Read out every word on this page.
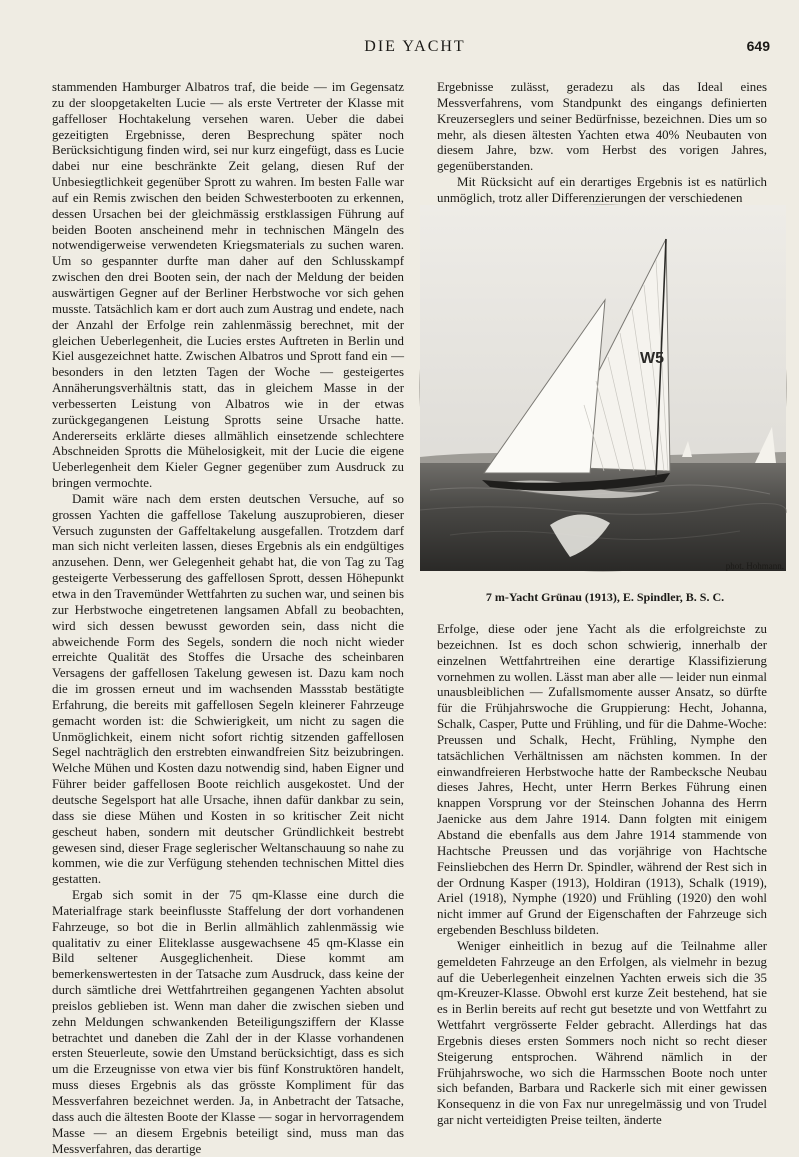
DIE YACHT	649

stammenden Hamburger Albatros traf, die beide — im Gegensatz zu der sloopgetakelten Lucie — als erste Vertreter der Klasse mit gaffelloser Hochtakelung versehen waren. Ueber die dabei gezeitigten Ergebnisse, deren Besprechung später noch Berücksichtigung finden wird, sei nur kurz eingefügt, dass es Lucie dabei nur eine beschränkte Zeit gelang, diesen Ruf der Unbesiegtlichkeit gegenüber Sprott zu wahren. Im besten Falle war auf ein Remis zwischen den beiden Schwesterbooten zu erkennen, dessen Ursachen bei der gleichmässig erstklassigen Führung auf beiden Booten anscheinend mehr in technischen Mängeln des notwendigerweise verwendeten Kriegsmaterials zu suchen waren. Um so gespannter durfte man daher auf den Schlusskampf zwischen den drei Booten sein, der nach der Meldung der beiden auswärtigen Gegner auf der Berliner Herbstwoche vor sich gehen musste. Tatsächlich kam er dort auch zum Austrag und endete, nach der Anzahl der Erfolge rein zahlenmässig berechnet, mit der gleichen Ueberlegenheit, die Lucies erstes Auftreten in Berlin und Kiel ausgezeichnet hatte. Zwischen Albatros und Sprott fand ein — besonders in den letzten Tagen der Woche — gesteigertes Annäherungsverhältnis statt, das in gleichem Masse in der verbesserten Leistung von Albatros wie in der etwas zurückgegangenen Leistung Sprotts seine Ursache hatte. Andererseits erklärte dieses allmählich einsetzende schlechtere Abschneiden Sprotts die Mühelosigkeit, mit der Lucie die eigene Ueberlegenheit dem Kieler Gegner gegenüber zum Ausdruck zu bringen vermochte.

Damit wäre nach dem ersten deutschen Versuche, auf so grossen Yachten die gaffellose Takelung auszuprobieren, dieser Versuch zugunsten der Gaffeltakelung ausgefallen. Trotzdem darf man sich nicht verleiten lassen, dieses Ergebnis als ein endgültiges anzusehen. Denn, wer Gelegenheit gehabt hat, die von Tag zu Tag gesteigerte Verbesserung des gaffellosen Sprott, dessen Höhepunkt etwa in den Travemünder Wettfahrten zu suchen war, und seinen bis zur Herbstwoche eingetretenen langsamen Abfall zu beobachten, wird sich dessen bewusst geworden sein, dass nicht die abweichende Form des Segels, sondern die noch nicht wieder erreichte Qualität des Stoffes die Ursache des scheinbaren Versagens der gaffellosen Takelung gewesen ist. Dazu kam noch die im grossen erneut und im wachsenden Massstab bestätigte Erfahrung, die bereits mit gaffellosen Segeln kleinerer Fahrzeuge gemacht worden ist: die Schwierigkeit, um nicht zu sagen die Unmöglichkeit, einem nicht sofort richtig sitzenden gaffellosen Segel nachträglich den erstrebten einwandfreien Sitz beizubringen. Welche Mühen und Kosten dazu notwendig sind, haben Eigner und Führer beider gaffellosen Boote reichlich ausgekostet. Und der deutsche Segelsport hat alle Ursache, ihnen dafür dankbar zu sein, dass sie diese Mühen und Kosten in so kritischer Zeit nicht gescheut haben, sondern mit deutscher Gründlichkeit bestrebt gewesen sind, dieser Frage seglerischer Weltanschauung so nahe zu kommen, wie die zur Verfügung stehenden technischen Mittel dies gestatten.

Ergab sich somit in der 75 qm-Klasse eine durch die Materialfrage stark beeinflusste Staffelung der dort vorhandenen Fahrzeuge, so bot die in Berlin allmählich zahlenmässig wie qualitativ zu einer Eliteklasse ausgewachsene 45 qm-Klasse ein Bild seltener Ausgeglichenheit. Diese kommt am bemerkenswertesten in der Tatsache zum Ausdruck, dass keine der durch sämtliche drei Wettfahrtreihen gegangenen Yachten absolut preislos geblieben ist. Wenn man daher die zwischen sieben und zehn Meldungen schwankenden Beteiligungsziffern der Klasse betrachtet und daneben die Zahl der in der Klasse vorhandenen ersten Steuerleute, sowie den Umstand berücksichtigt, dass es sich um die Erzeugnisse von etwa vier bis fünf Konstruktören handelt, muss dieses Ergebnis als das grösste Kompliment für das Messverfahren bezeichnet werden. Ja, in Anbetracht der Tatsache, dass auch die ältesten Boote der Klasse — sogar in hervorragendem Masse — an diesem Ergebnis beteiligt sind, muss man das Messverfahren, das derartige

Ergebnisse zulässt, geradezu als das Ideal eines Messverfahrens, vom Standpunkt des eingangs definierten Kreuzerseglers und seiner Bedürfnisse, bezeichnen. Dies um so mehr, als diesen ältesten Yachten etwa 40% Neubauten von diesem Jahre, bzw. vom Herbst des vorigen Jahres, gegenüberstanden.

Mit Rücksicht auf ein derartiges Ergebnis ist es natürlich unmöglich, trotz aller Differenzierungen der verschiedenen

W5
phot. Hohmann.
7 m-Yacht Grünau (1913), E. Spindler, B. S. C.

Erfolge, diese oder jene Yacht als die erfolgreichste zu bezeichnen. Ist es doch schon schwierig, innerhalb der einzelnen Wettfahrtreihen eine derartige Klassifizierung vornehmen zu wollen. Lässt man aber alle — leider nun einmal unausbleiblichen — Zufallsmomente ausser Ansatz, so dürfte für die Frühjahrswoche die Gruppierung: Hecht, Johanna, Schalk, Casper, Putte und Frühling, und für die Dahme-Woche: Preussen und Schalk, Hecht, Frühling, Nymphe den tatsächlichen Verhältnissen am nächsten kommen. In der einwandfreieren Herbstwoche hatte der Rambecksche Neubau dieses Jahres, Hecht, unter Herrn Berkes Führung einen knappen Vorsprung vor der Steinschen Johanna des Herrn Jaenicke aus dem Jahre 1914. Dann folgten mit einigem Abstand die ebenfalls aus dem Jahre 1914 stammende von Hachtsche Preussen und das vorjährige von Hachtsche Feinsliebchen des Herrn Dr. Spindler, während der Rest sich in der Ordnung Kasper (1913), Holdiran (1913), Schalk (1919), Ariel (1918), Nymphe (1920) und Frühling (1920) den wohl nicht immer auf Grund der Eigenschaften der Fahrzeuge sich ergebenden Beschluss bildeten.

Weniger einheitlich in bezug auf die Teilnahme aller gemeldeten Fahrzeuge an den Erfolgen, als vielmehr in bezug auf die Ueberlegenheit einzelnen Yachten erweis sich die 35 qm-Kreuzer-Klasse. Obwohl erst kurze Zeit bestehend, hat sie es in Berlin bereits auf recht gut besetzte und von Wettfahrt zu Wettfahrt vergrösserte Felder gebracht. Allerdings hat das Ergebnis dieses ersten Sommers noch nicht so recht dieser Steigerung entsprochen. Während nämlich in der Frühjahrswoche, wo sich die Harmsschen Boote noch unter sich befanden, Barbara und Rackerle sich mit einer gewissen Konsequenz in die von Fax nur unregelmässig und von Trudel gar nicht verteidigten Preise teilten, änderte
